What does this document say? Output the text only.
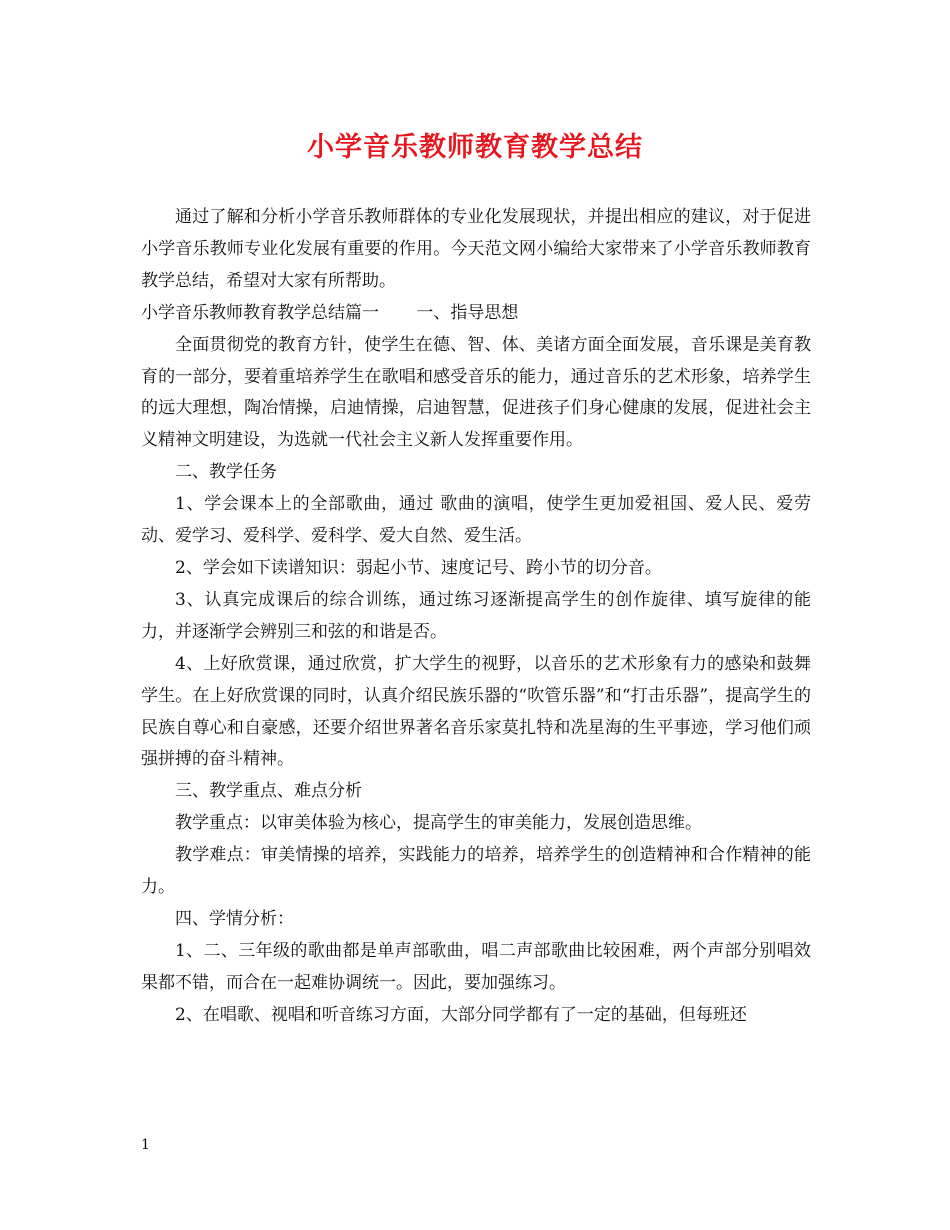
小学音乐教师教育教学总结

通过了解和分析小学音乐教师群体的专业化发展现状，并提出相应的建议，对于促进小学音乐教师专业化发展有重要的作用。今天范文网小编给大家带来了小学音乐教师教育教学总结，希望对大家有所帮助。

小学音乐教师教育教学总结篇一 一、指导思想

全面贯彻党的教育方针，使学生在德、智、体、美诸方面全面发展，音乐课是美育教育的一部分，要着重培养学生在歌唱和感受音乐的能力，通过音乐的艺术形象，培养学生的远大理想，陶冶情操，启迪情操，启迪智慧，促进孩子们身心健康的发展，促进社会主义精神文明建设，为选就一代社会主义新人发挥重要作用。

二、教学任务

1、学会课本上的全部歌曲，通过 歌曲的演唱，使学生更加爱祖国、爱人民、爱劳动、爱学习、爱科学、爱科学、爱大自然、爱生活。

2、学会如下读谱知识：弱起小节、速度记号、跨小节的切分音。

3、认真完成课后的综合训练，通过练习逐渐提高学生的创作旋律、填写旋律的能力，并逐渐学会辨别三和弦的和谐是否。

4、上好欣赏课，通过欣赏，扩大学生的视野，以音乐的艺术形象有力的感染和鼓舞学生。在上好欣赏课的同时，认真介绍民族乐器的“吹管乐器”和“打击乐器”，提高学生的民族自尊心和自豪感，还要介绍世界著名音乐家莫扎特和冼星海的生平事迹，学习他们顽强拼搏的奋斗精神。

三、教学重点、难点分析

教学重点：以审美体验为核心，提高学生的审美能力，发展创造思维。

教学难点：审美情操的培养，实践能力的培养，培养学生的创造精神和合作精神的能力。

四、学情分析：

1、二、三年级的歌曲都是单声部歌曲，唱二声部歌曲比较困难，两个声部分别唱效果都不错，而合在一起难协调统一。因此，要加强练习。

2、在唱歌、视唱和听音练习方面，大部分同学都有了一定的基础，但每班还

1
